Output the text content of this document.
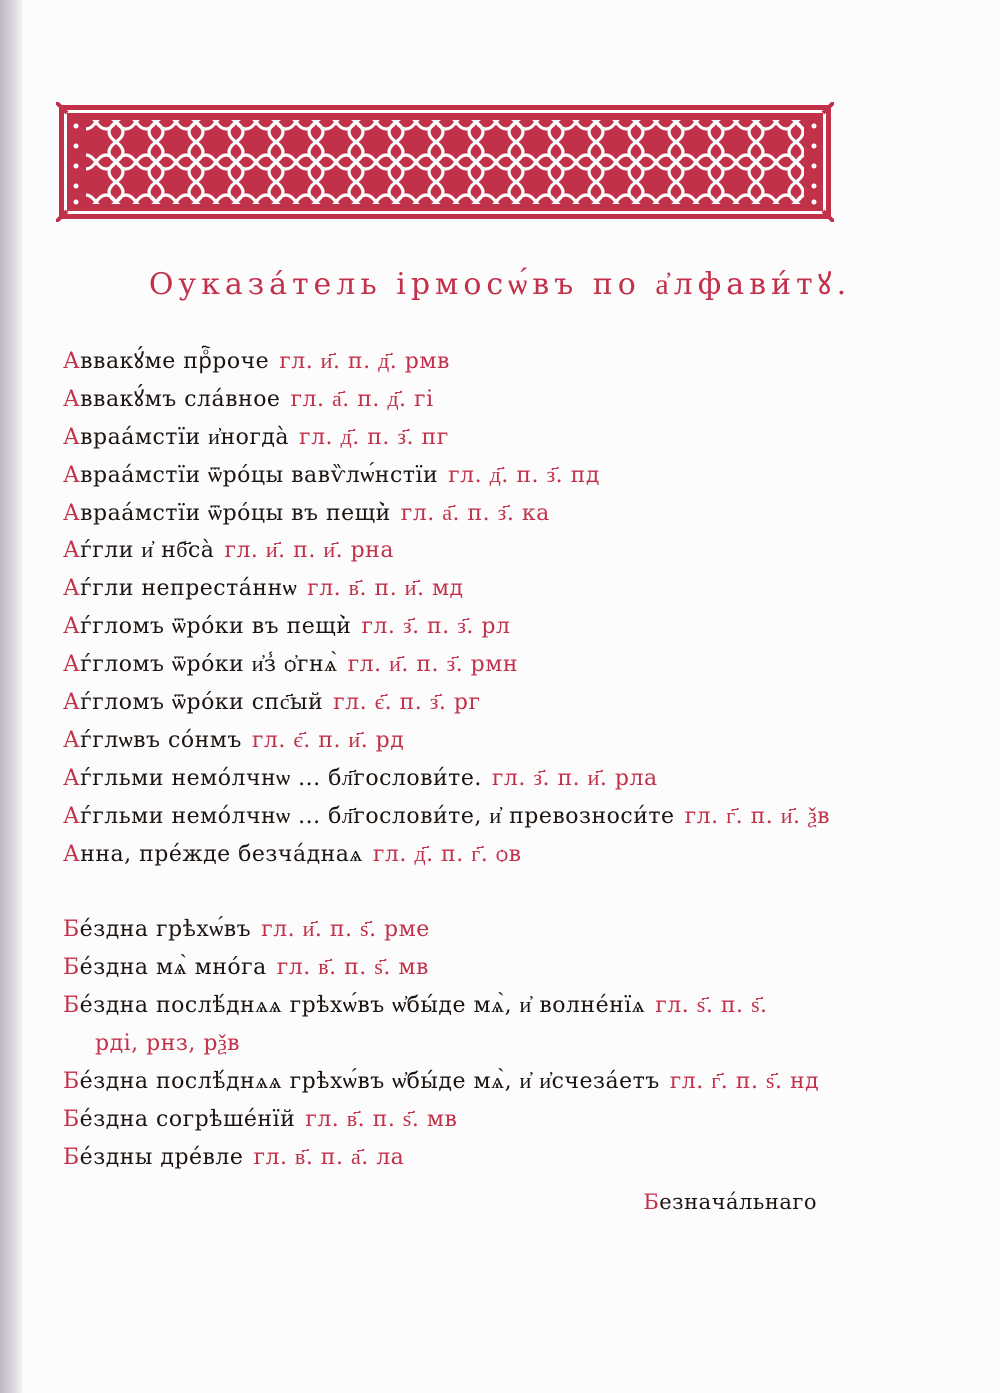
Оуказа́тель ірмосѡ́въ по а҆лфави́тꙋ.
Аввакꙋ́ме прⷪ҇роче гл. и҃. п. д҃. рмв
Аввакꙋ́мъ сла́вное гл. а҃. п. д҃. гі
Авраа́мстїи и҆ногда̀ гл. д҃. п. з҃. пг
Авраа́мстїи ѿрóцы вавѷлѡ́нстїи гл. д҃. п. з҃. пд
Авраа́мстїи ѿрóцы въ пещи̇̀ гл. а҃. п. з҃. ка
Аѓгли и҆ нб҃са̀ гл. и҃. п. и҃. рна
Аѓгли непреста́ннѡ гл. в҃. п. и҃. мд
Аѓгломъ ѿрóки въ пещи̇̀ гл. з҃. п. з҃. рл
Аѓгломъ ѿрóки и҆з̾ ѻ҆гнѧ̀ гл. и҃. п. з҃. рмн
Аѓгломъ ѿрóки спс҃ый гл. є҃. п. з҃. рг
Аѓглѡвъ со́нмъ гл. є҃. п. и҃. рд
Аѓгльми немо́лчнѡ ... бл҃гослови́те. гл. з҃. п. и҃. рла
Аѓгльми немо́лчнѡ ... бл҃гослови́те, и҆ превозноси́те гл. г҃. п. и҃. ѯв
Анна, пре́жде безча́днаѧ гл. д҃. п. г҃. ѻв
Бе́здна грѣхѡ́въ гл. и҃. п. ѕ҃. рме
Бе́здна мѧ̀ мнóга гл. в҃. п. ѕ҃. мв
Бе́здна послѣ́днѧѧ грѣхѡ́въ ѡ҆бы́де мѧ̀, и҆ волне́нїѧ гл. ѕ҃. п. ѕ҃.
рді, рнз, рѯв
Бе́здна послѣ́днѧѧ грѣхѡ́въ ѡ҆бы́де мѧ̀, и҆ и҆счеза́етъ гл. г҃. п. ѕ҃. нд
Бе́здна согрѣше́нїй гл. в҃. п. ѕ҃. мв
Бе́здны дре́вле гл. в҃. п. а҃. ла
Безнача́льнаго
